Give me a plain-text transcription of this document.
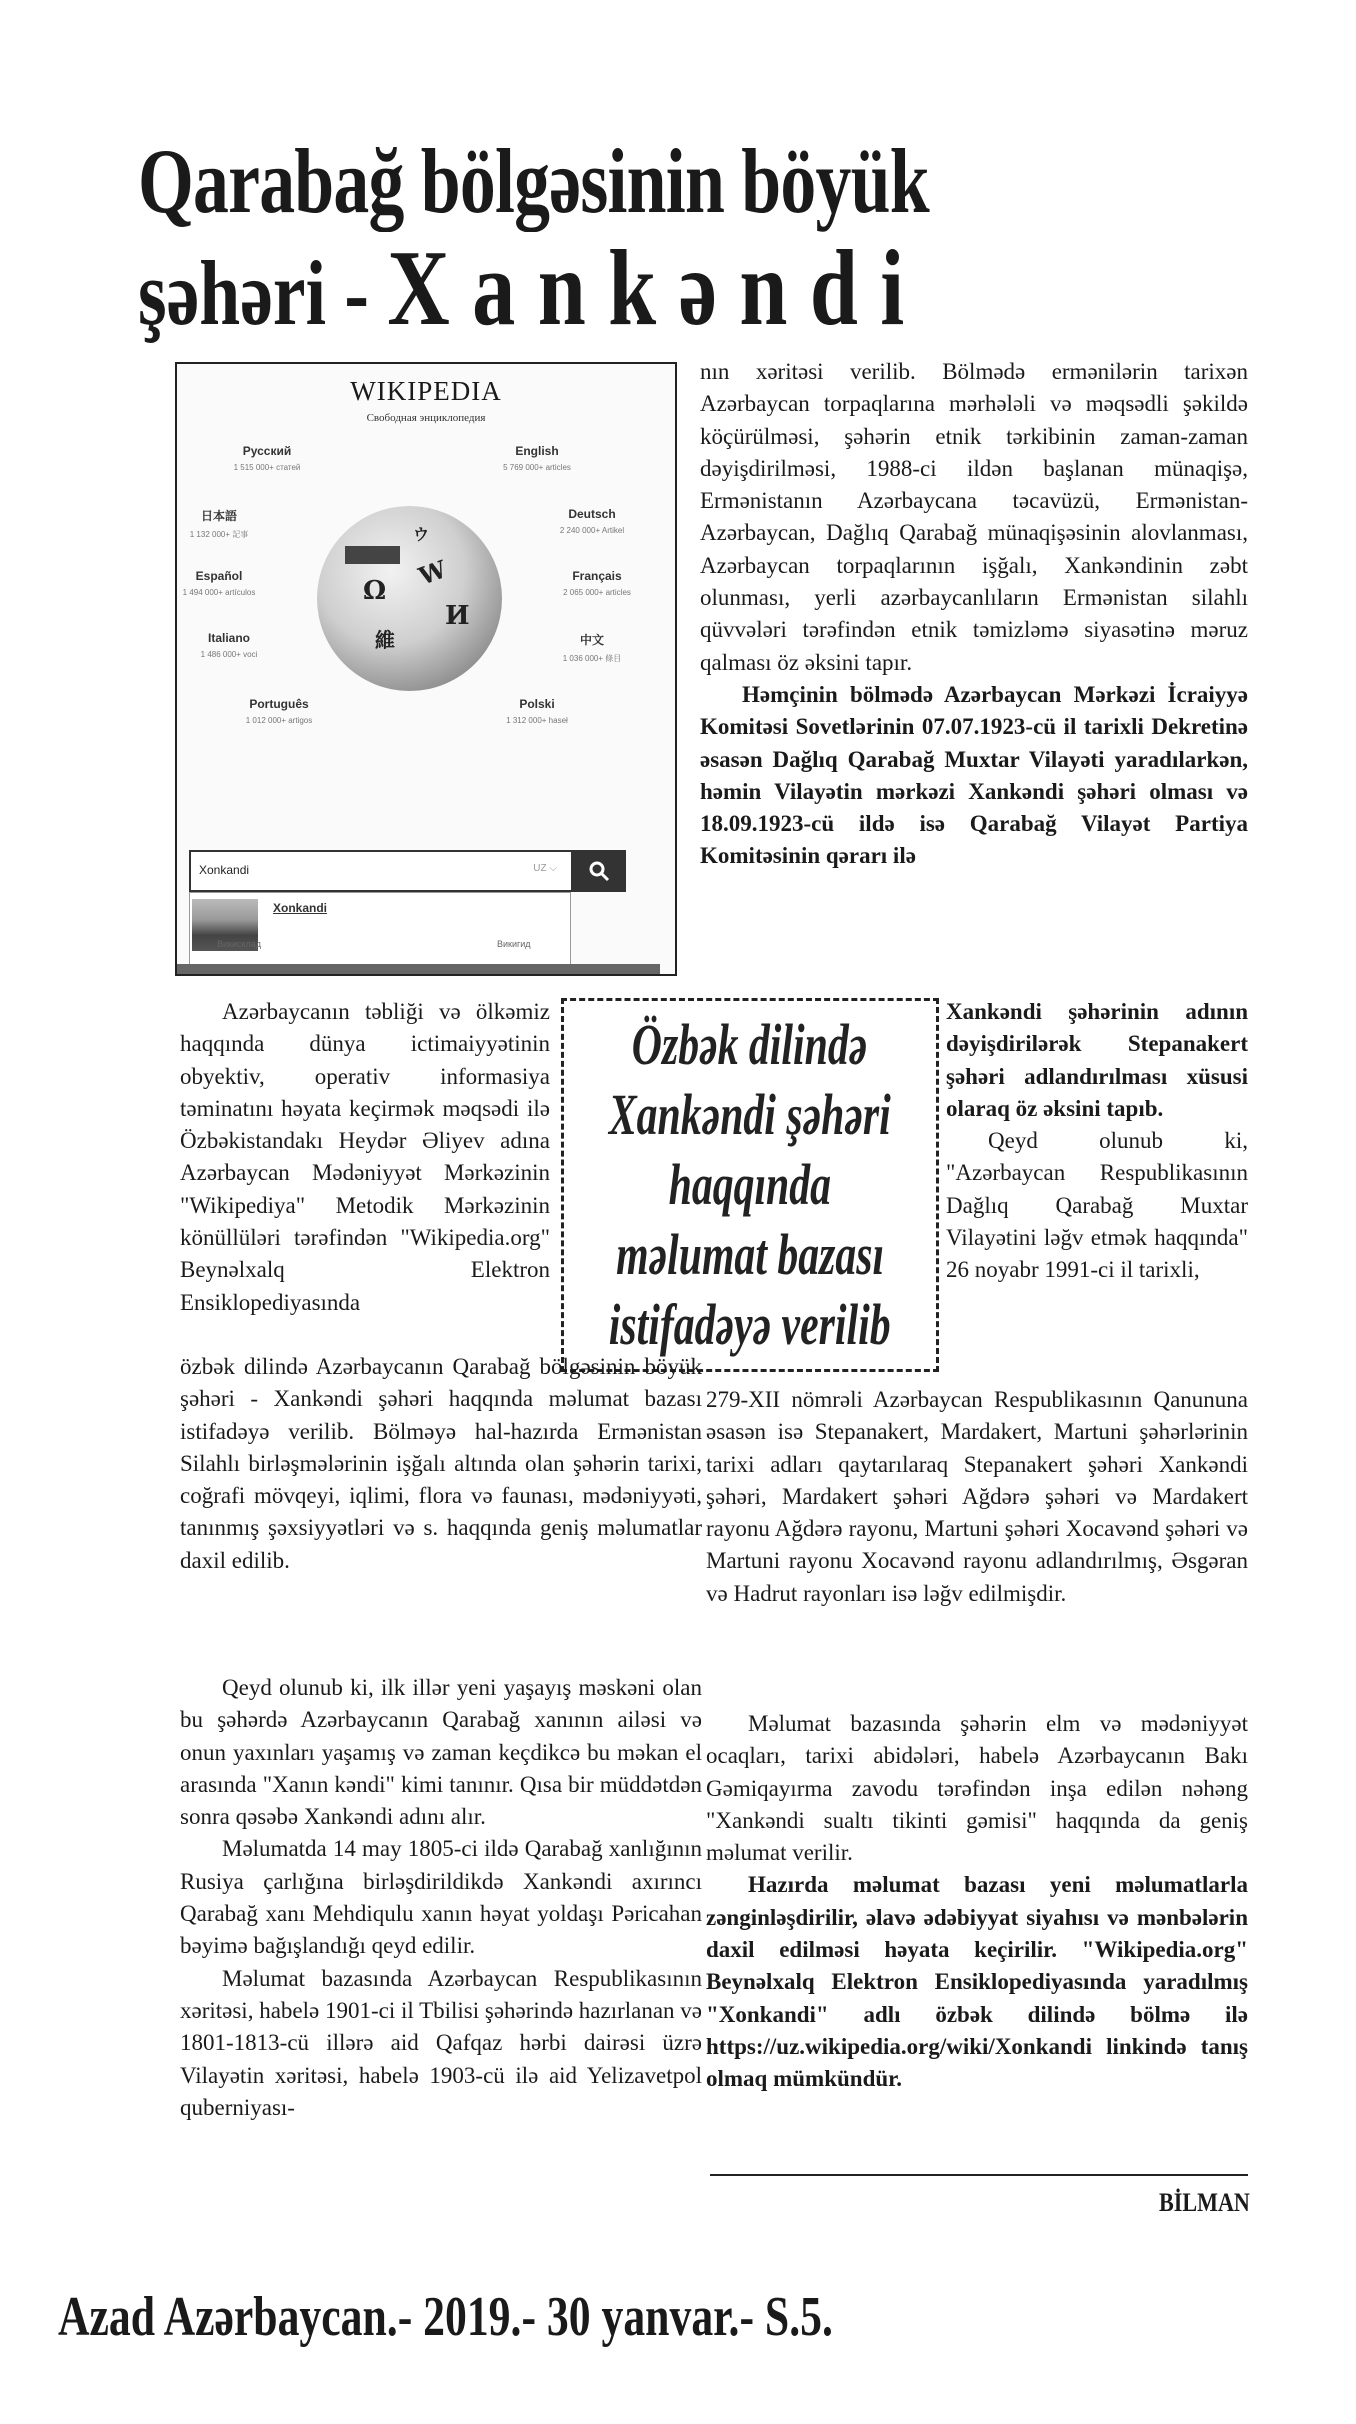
Qarabağ bölgəsinin böyük
şəhəri - Xankəndi
WIKIPEDIA
Свободная энциклопедия
Русский
1 515 000+ статей
English
5 769 000+ articles
日本語
1 132 000+ 記事
Deutsch
2 240 000+ Artikel
Español
1 494 000+ artículos
Français
2 065 000+ articles
Italiano
1 486 000+ voci
中文
1 036 000+ 條目
Português
1 012 000+ artigos
Polski
1 312 000+ haseł
Ω
W
И
維
ウ
Xonkandi	UZ ⌵
Xonkandi
Викисклад	Викигид

nın xəritəsi verilib. Bölmədə ermənilərin tarixən Azərbaycan torpaqlarına mərhələli və məqsədli şəkildə köçürülməsi, şəhərin etnik tərkibinin zaman-zaman dəyişdirilməsi, 1988-ci ildən başlanan münaqişə, Ermənistanın Azərbaycana təcavüzü, Ermənistan-Azərbaycan, Dağlıq Qarabağ münaqişəsinin alovlanması, Azərbaycan torpaqlarının işğalı, Xankəndinin zəbt olunması, yerli azərbaycanlıların Ermənistan silahlı qüvvələri tərəfindən etnik təmizləmə siyasətinə məruz qalması öz əksini tapır.

Həmçinin bölmədə Azərbaycan Mərkəzi İcraiyyə Komitəsi Sovetlərinin 07.07.1923-cü il tarixli Dekretinə əsasən Dağlıq Qarabağ Muxtar Vilayəti yaradılarkən, həmin Vilayətin mərkəzi Xankəndi şəhəri olması və 18.09.1923-cü ildə isə Qarabağ Vilayət Partiya Komitəsinin qərarı ilə

Azərbaycanın təbliği və ölkəmiz haqqında dünya ictimaiyyətinin obyektiv, operativ informasiya təminatını həyata keçirmək məqsədi ilə Özbəkistandakı Heydər Əliyev adına Azərbaycan Mədəniyyət Mərkəzinin "Wikipediya" Metodik Mərkəzinin könüllüləri tərəfindən "Wikipedia.org" Beynəlxalq Elektron Ensiklopediyasında

Özbək dilində
Xankəndi şəhəri
haqqında
məlumat bazası
istifadəyə verilib

Xankəndi şəhərinin adının dəyişdirilərək Stepanakert şəhəri adlandırılması xüsusi olaraq öz əksini tapıb.

Qeyd olunub ki, "Azərbaycan Respublikasının Dağlıq Qarabağ Muxtar Vilayətini ləğv etmək haqqında" 26 noyabr 1991-ci il tarixli,

özbək dilində Azərbaycanın Qarabağ bölgəsinin böyük şəhəri - Xankəndi şəhəri haqqında məlumat bazası istifadəyə verilib. Bölməyə hal-hazırda Ermənistan Silahlı birləşmələrinin işğalı altında olan şəhərin tarixi, coğrafi mövqeyi, iqlimi, flora və faunası, mədəniyyəti, tanınmış şəxsiyyətləri və s. haqqında geniş məlumatlar daxil edilib.

279-XII nömrəli Azərbaycan Respublikasının Qanununa əsasən isə Stepanakert, Mardakert, Martuni şəhərlərinin tarixi adları qaytarılaraq Stepanakert şəhəri Xankəndi şəhəri, Mardakert şəhəri Ağdərə şəhəri və Mardakert rayonu Ağdərə rayonu, Martuni şəhəri Xocavənd şəhəri və Martuni rayonu Xocavənd rayonu adlandırılmış, Əsgəran və Hadrut rayonları isə ləğv edilmişdir.

Qeyd olunub ki, ilk illər yeni yaşayış məskəni olan bu şəhərdə Azərbaycanın Qarabağ xanının ailəsi və onun yaxınları yaşamış və zaman keçdikcə bu məkan el arasında "Xanın kəndi" kimi tanınır. Qısa bir müddətdən sonra qəsəbə Xankəndi adını alır.

Məlumatda 14 may 1805-ci ildə Qarabağ xanlığının Rusiya çarlığına birləşdirildikdə Xankəndi axırıncı Qarabağ xanı Mehdiqulu xanın həyat yoldaşı Pəricahan bəyimə bağışlandığı qeyd edilir.

Məlumat bazasında Azərbaycan Respublikasının xəritəsi, habelə 1901-ci il Tbilisi şəhərində hazırlanan və 1801-1813-cü illərə aid Qafqaz hərbi dairəsi üzrə Vilayətin xəritəsi, habelə 1903-cü ilə aid Yelizavetpol quberniyası-

Məlumat bazasında şəhərin elm və mədəniyyət ocaqları, tarixi abidələri, habelə Azərbaycanın Bakı Gəmiqayırma zavodu tərəfindən inşa edilən nəhəng "Xankəndi sualtı tikinti gəmisi" haqqında da geniş məlumat verilir.

Hazırda məlumat bazası yeni məlumatlarla zənginləşdirilir, əlavə ədəbiyyat siyahısı və mənbələrin daxil edilməsi həyata keçirilir. "Wikipedia.org" Beynəlxalq Elektron Ensiklopediyasında yaradılmış "Xonkandi" adlı özbək dilində bölmə ilə https://uz.wikipedia.org/wiki/Xonkandi linkində tanış olmaq mümkündür.

BİLMAN
Azad Azərbaycan.- 2019.- 30 yanvar.- S.5.
